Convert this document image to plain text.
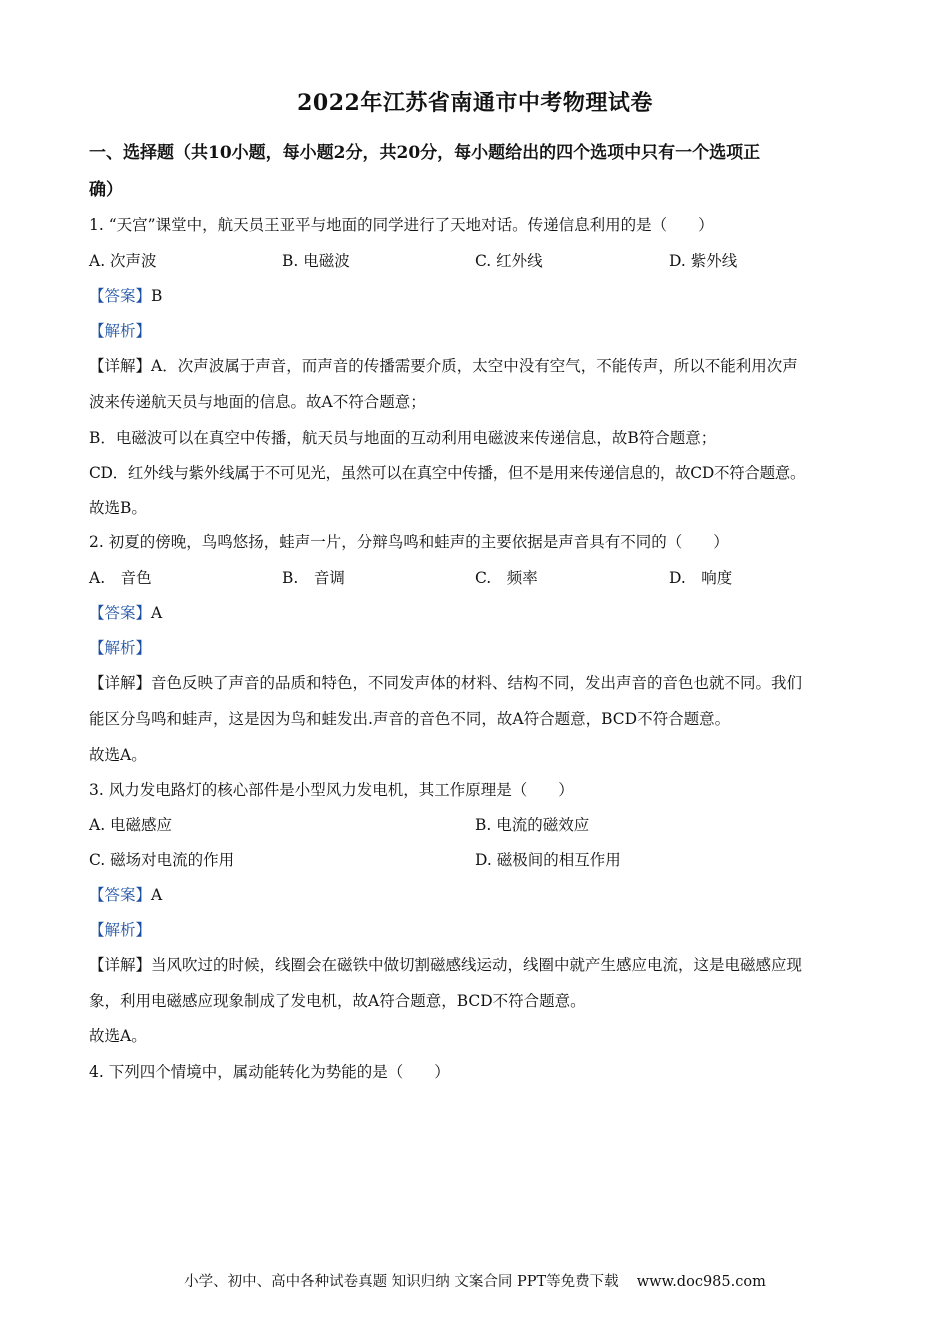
2022年江苏省南通市中考物理试卷
一、选择题（共10小题，每小题2分，共20分，每小题给出的四个选项中只有一个选项正
确）
1. “天宫”课堂中，航天员王亚平与地面的同学进行了天地对话。传递信息利用的是（　　）
A. 次声波	B. 电磁波	C. 红外线	D. 紫外线
【答案】B
【解析】
【详解】A．次声波属于声音，而声音的传播需要介质，太空中没有空气，不能传声，所以不能利用次声
波来传递航天员与地面的信息。故A不符合题意；
B．电磁波可以在真空中传播，航天员与地面的互动利用电磁波来传递信息，故B符合题意；
CD．红外线与紫外线属于不可见光，虽然可以在真空中传播，但不是用来传递信息的，故CD不符合题意。
故选B。
2. 初夏的傍晚，鸟鸣悠扬，蛙声一片，分辩鸟鸣和蛙声的主要依据是声音具有不同的（　　）
A.　音色	B.　音调	C.　频率	D.　响度
【答案】A
【解析】
【详解】音色反映了声音的品质和特色，不同发声体的材料、结构不同，发出声音的音色也就不同。我们
能区分鸟鸣和蛙声，这是因为鸟和蛙发出.声音的音色不同，故A符合题意，BCD不符合题意。
故选A。
3. 风力发电路灯的核心部件是小型风力发电机，其工作原理是（　　）
A. 电磁感应	B. 电流的磁效应
C. 磁场对电流的作用	D. 磁极间的相互作用
【答案】A
【解析】
【详解】当风吹过的时候，线圈会在磁铁中做切割磁感线运动，线圈中就产生感应电流，这是电磁感应现
象，利用电磁感应现象制成了发电机，故A符合题意，BCD不符合题意。
故选A。
4. 下列四个情境中，属动能转化为势能的是（　　）
小学、初中、高中各种试卷真题 知识归纳 文案合同 PPT等免费下载 www.doc985.com
